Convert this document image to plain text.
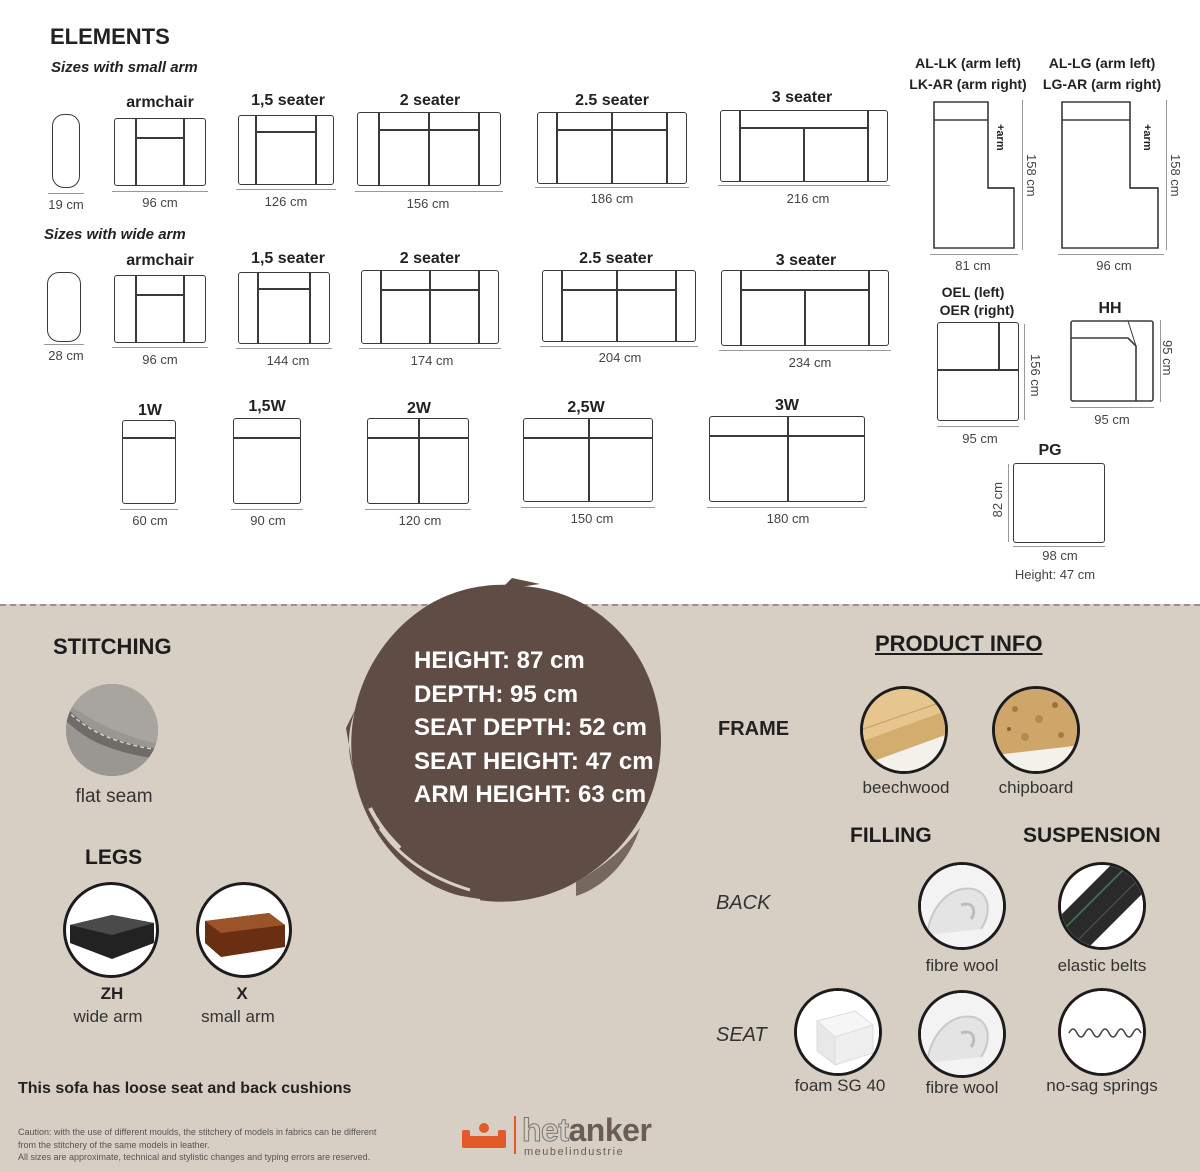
ELEMENTS
Sizes with small arm
19 cm
armchair
96 cm
1,5 seater
126 cm
2 seater
156 cm
2.5 seater
186 cm
3 seater
216 cm
Sizes with wide arm
28 cm
armchair
96 cm
1,5 seater
144 cm
2 seater
174 cm
2.5 seater
204 cm
3 seater
234 cm
1W
60 cm
1,5W
90 cm
2W
120 cm
2,5W
150 cm
3W
180 cm
AL-LK (arm left)
LK-AR (arm right)
+arm
158 cm
81 cm
AL-LG (arm left)
LG-AR (arm right)
+arm
158 cm
96 cm
OEL (left)
OER (right)
156 cm
95 cm
HH
95 cm
95 cm
PG
82 cm
98 cm
Height: 47 cm
HEIGHT: 87 cm
DEPTH: 95 cm
SEAT DEPTH: 52 cm
SEAT HEIGHT: 47 cm
ARM HEIGHT: 63 cm
STITCHING
flat seam
LEGS
ZH
wide arm
X
small arm
This sofa has loose seat and back cushions
Caution: with the use of different moulds, the stitchery of models in fabrics can be different
from the stitchery of the same models in leather.
All sizes are approximate, technical and stylistic changes and typing errors are reserved.
hetanker
meubelindustrie
PRODUCT INFO
FRAME
beechwood	chipboard
FILLING	SUSPENSION
BACK
fibre wool	elastic belts
SEAT
foam SG 40	fibre wool	no-sag springs
